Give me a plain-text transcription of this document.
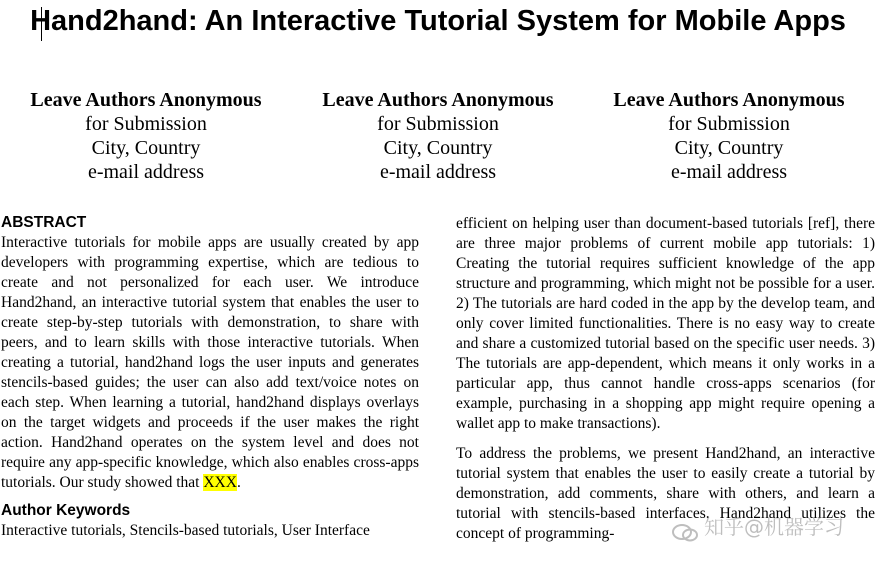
Hand2hand: An Interactive Tutorial System for Mobile Apps
Leave Authors Anonymous
for Submission
City, Country
e-mail address
Leave Authors Anonymous
for Submission
City, Country
e-mail address
Leave Authors Anonymous
for Submission
City, Country
e-mail address
ABSTRACT

Interactive tutorials for mobile apps are usually created by app developers with programming expertise, which are tedious to create and not personalized for each user. We introduce Hand2hand, an interactive tutorial system that enables the user to create step-by-step tutorials with demonstration, to share with peers, and to learn skills with those interactive tutorials. When creating a tutorial, hand2hand logs the user inputs and generates stencils-based guides; the user can also add text/voice notes on each step. When learning a tutorial, hand2hand displays overlays on the target widgets and proceeds if the user makes the right action. Hand2hand operates on the system level and does not require any app-specific knowledge, which also enables cross-apps tutorials. Our study showed that XXX.

Author Keywords

Interactive tutorials, Stencils-based tutorials, User Interface

efficient on helping user than document-based tutorials [ref], there are three major problems of current mobile app tutorials: 1) Creating the tutorial requires sufficient knowledge of the app structure and programming, which might not be possible for a user. 2) The tutorials are hard coded in the app by the develop team, and only cover limited functionalities. There is no easy way to create and share a customized tutorial based on the specific user needs. 3) The tutorials are app-dependent, which means it only works in a particular app, thus cannot handle cross-apps scenarios (for example, purchasing in a shopping app might require opening a wallet app to make transactions).

To address the problems, we present Hand2hand, an interactive tutorial system that enables the user to easily create a tutorial by demonstration, add comments, share with others, and learn a tutorial with stencils-based interfaces. Hand2hand utilizes the concept of programming-	知乎@机器学习
